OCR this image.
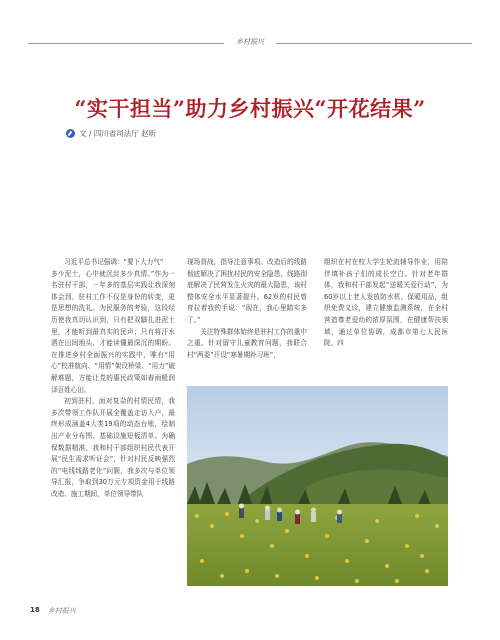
乡村振兴
“实干担当”助力乡村振兴“开花结果”
文 / 四川省司法厅 赵昕

习近平总书记强调：“要下大力气”

多少泥土，心中就沉淀多少真情。”作为一名驻村干部，一年多的基层实践让我深刻体会到，驻村工作不仅是身份的转变，更是思想的洗礼。为民服务的考验，这段经历使我真切认识到，只有把双脚扎进泥土里，才能听到最真实的民声；只有将汗水洒在田间地头，才能读懂最深沉的期盼。在推进乡村全面振兴的实践中，唯有“用心”校准航向、“用情”架设桥梁、“用力”破解难题，方能让党的惠民政策如春雨般润泽百姓心田。

初到驻村，面对复杂的村情民情，我多次带领工作队开展全覆盖走访入户，最终形成涵盖4大类19项的动态台账，绘制出产业分布图、基础设施短板清单。为确保数据精准，我和村干部组织村民代表开展“民生需求听证会”，针对村民反映强烈的“电线线路老化”问题，我多次与单位领导汇报，争取到30万元专项资金用于线路改造、施工期间，单位领导带队

现场督战，指导注意事项。改造后的线路彻底解决了困扰村民的安全隐患，线路彻底解决了民营发生火灾的最大隐患，该村整体安全水平显著提升。62岁的村民曾育拉着我的手说：“现在，我心里踏实多了。”

关注特殊群体始终是驻村工作的重中之重。针对留守儿童教育问题，我联合村“两委”开设“寒暑期补习班”，

组织在村在校大学生轮流辅导作业，用陪伴填补孩子们的成长空白。针对老年群体，我和村干部发起“送暖关爱行动”，为60岁以上老人发放防水机、保暖用品，组织免费义诊，建立健康监测系统，在全村营造尊老爱幼的浓厚氛围，在健康帮扶领域，通过单位协调，成都市第七人民医院、四

18 乡村振兴
